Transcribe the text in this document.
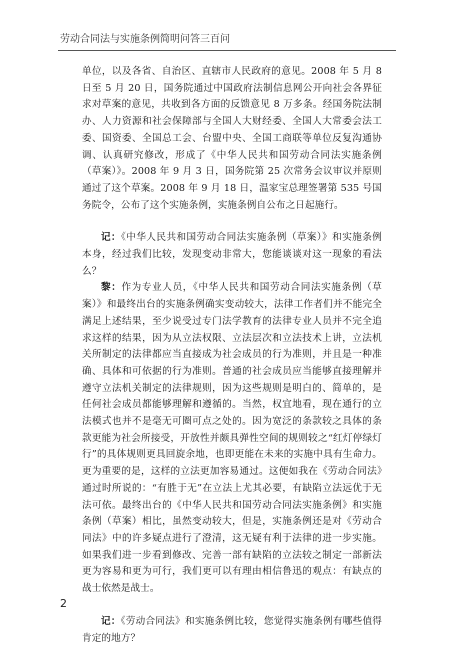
劳动合同法与实施条例简明问答三百问

单位，以及各省、自治区、直辖市人民政府的意见。2008 年 5 月 8 日至 5 月 20 日，国务院通过中国政府法制信息网公开向社会各界征求对草案的意见，共收到各方面的反馈意见 8 万多条。经国务院法制办、人力资源和社会保障部与全国人大财经委、全国人大常委会法工委、国资委、全国总工会、台盟中央、全国工商联等单位反复沟通协调、认真研究修改，形成了《中华人民共和国劳动合同法实施条例（草案）》。2008 年 9 月 3 日，国务院第 25 次常务会议审议并原则通过了这个草案。2008 年 9 月 18 日，温家宝总理签署第 535 号国务院令，公布了这个实施条例，实施条例自公布之日起施行。

记：《中华人民共和国劳动合同法实施条例（草案）》和实施条例本身，经过我们比较，发现变动非常大，您能谈谈对这一现象的看法么？

黎：作为专业人员，《中华人民共和国劳动合同法实施条例（草案）》和最终出台的实施条例确实变动较大，法律工作者们并不能完全满足上述结果，至少说受过专门法学教育的法律专业人员并不完全追求这样的结果，因为从立法权限、立法层次和立法技术上讲，立法机关所制定的法律都应当直接成为社会成员的行为准则，并且是一种准确、具体和可依据的行为准则。普通的社会成员应当能够直接理解并遵守立法机关制定的法律规则，因为这些规则是明白的、简单的，是任何社会成员都能够理解和遵循的。当然，权宜地看，现在通行的立法模式也并不是毫无可圈可点之处的。因为宽泛的条款较之具体的条款更能为社会所接受，开放性并颇具弹性空间的规则较之“红灯停绿灯行”的具体规则更具回旋余地，也即更能在未来的实施中具有生命力。更为重要的是，这样的立法更加容易通过。这便如我在《劳动合同法》通过时所说的：“有胜于无”在立法上尤其必要，有缺陷立法远优于无法可依。最终出台的《中华人民共和国劳动合同法实施条例》和实施条例（草案）相比，虽然变动较大，但是，实施条例还是对《劳动合同法》中的许多疑点进行了澄清，这无疑有利于法律的进一步实施。如果我们进一步看到修改、完善一部有缺陷的立法较之制定一部新法更为容易和更为可行，我们更可以有理由相信鲁迅的观点：有缺点的战士依然是战士。

记：《劳动合同法》和实施条例比较，您觉得实施条例有哪些值得肯定的地方？

2
